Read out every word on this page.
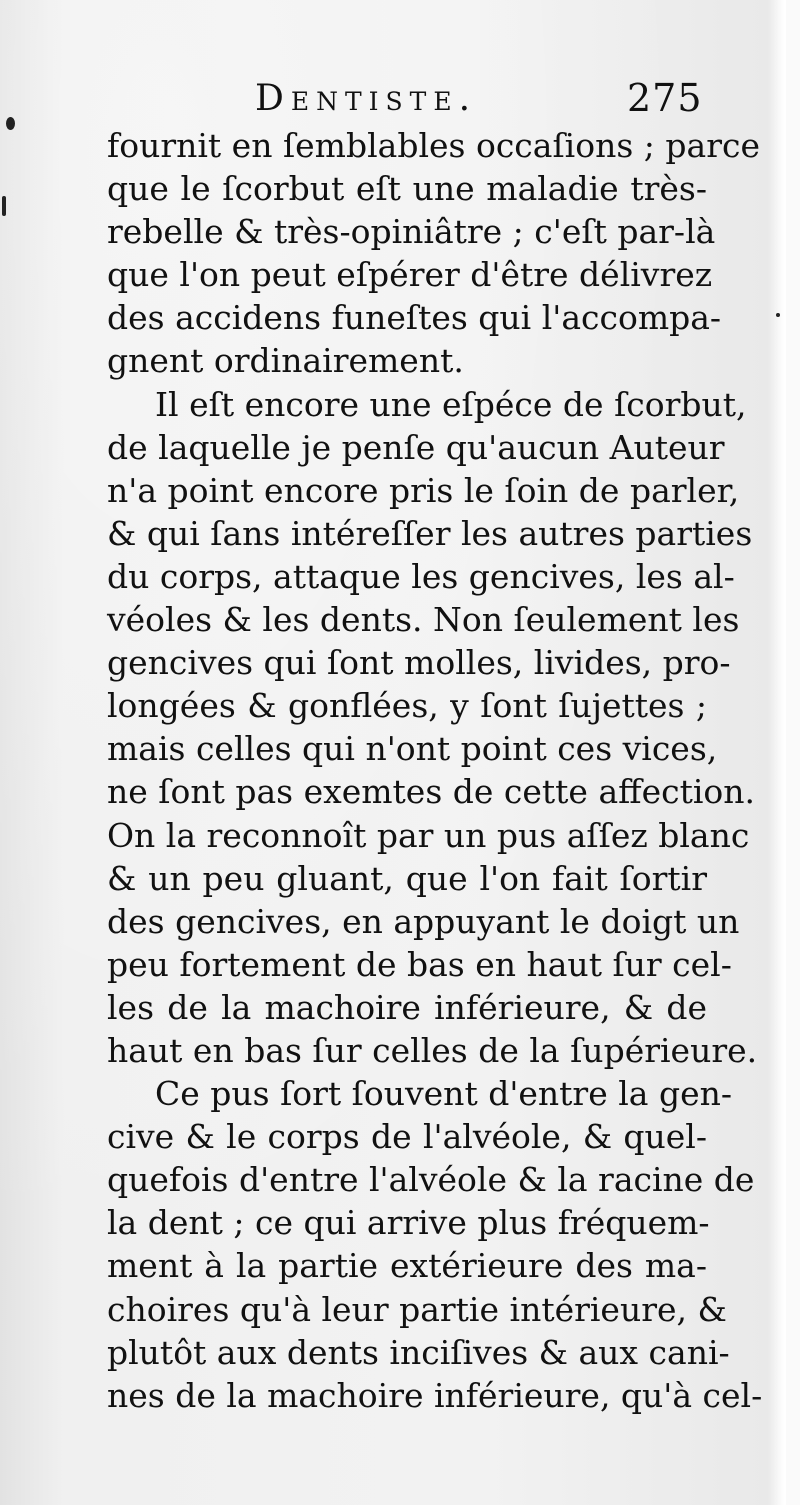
Dentiste.	275
fournit en ſemblables occaſions ; parce
que le ſcorbut eſt une maladie très-
rebelle & très-opiniâtre ; c'eſt par-là
que l'on peut eſpérer d'être délivrez
des accidens funeſtes qui l'accompa-
gnent ordinairement.
Il eſt encore une eſpéce de ſcorbut,
de laquelle je penſe qu'aucun Auteur
n'a point encore pris le ſoin de parler,
& qui ſans intéreſſer les autres parties
du corps, attaque les gencives, les al-
véoles & les dents. Non ſeulement les
gencives qui ſont molles, livides, pro-
longées & gonflées, y ſont ſujettes ;
mais celles qui n'ont point ces vices,
ne ſont pas exemtes de cette affection.
On la reconnoît par un pus aſſez blanc
& un peu gluant, que l'on fait ſortir
des gencives, en appuyant le doigt un
peu fortement de bas en haut ſur cel-
les de la machoire inférieure, & de
haut en bas ſur celles de la ſupérieure.
Ce pus ſort ſouvent d'entre la gen-
cive & le corps de l'alvéole, & quel-
quefois d'entre l'alvéole & la racine de
la dent ; ce qui arrive plus fréquem-
ment à la partie extérieure des ma-
choires qu'à leur partie intérieure, &
plutôt aux dents inciſives & aux cani-
nes de la machoire inférieure, qu'à cel-
